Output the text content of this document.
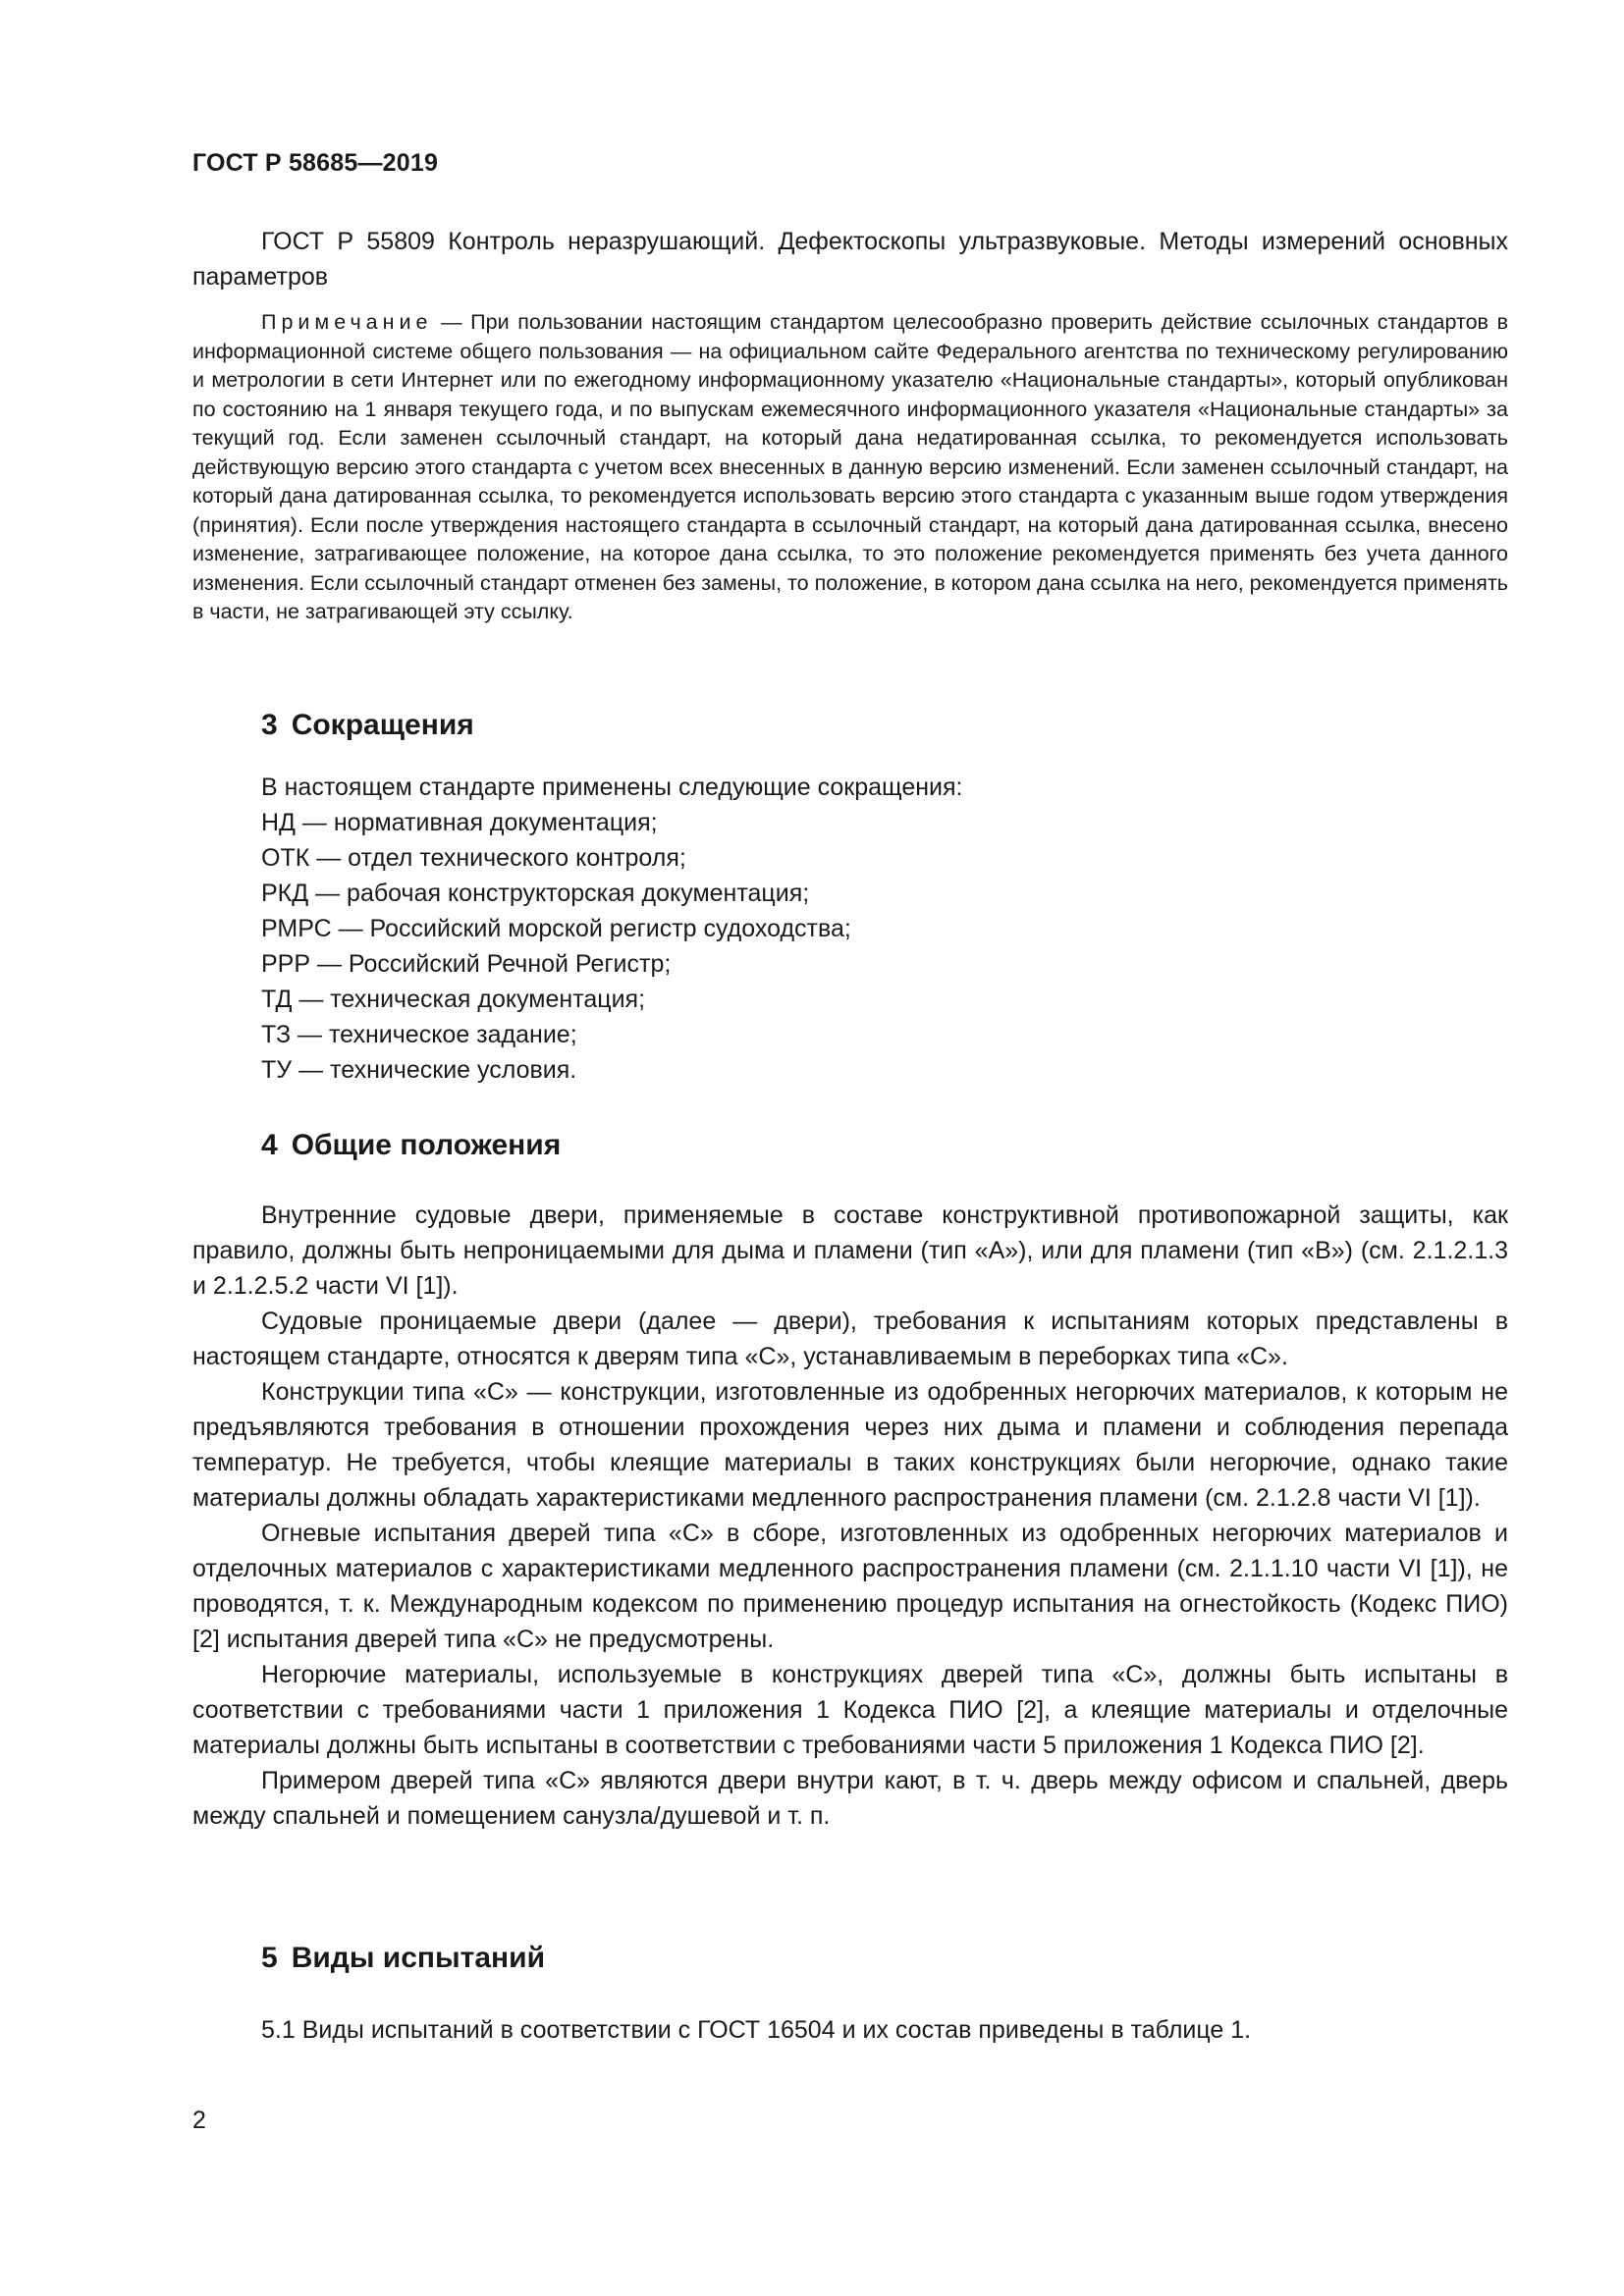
ГОСТ Р 58685—2019

ГОСТ Р 55809 Контроль неразрушающий. Дефектоскопы ультразвуковые. Методы измерений основных параметров

Примечание — При пользовании настоящим стандартом целесообразно проверить действие ссылочных стандартов в информационной системе общего пользования — на официальном сайте Федерального агентства по техническому регулированию и метрологии в сети Интернет или по ежегодному информационному указателю «Национальные стандарты», который опубликован по состоянию на 1 января текущего года, и по выпускам ежемесячного информационного указателя «Национальные стандарты» за текущий год. Если заменен ссылочный стандарт, на который дана недатированная ссылка, то рекомендуется использовать действующую версию этого стандарта с учетом всех внесенных в данную версию изменений. Если заменен ссылочный стандарт, на который дана датированная ссылка, то рекомендуется использовать версию этого стандарта с указанным выше годом утверждения (принятия). Если после утверждения настоящего стандарта в ссылочный стандарт, на который дана датированная ссылка, внесено изменение, затрагивающее положение, на которое дана ссылка, то это положение рекомендуется применять без учета данного изменения. Если ссылочный стандарт отменен без замены, то положение, в котором дана ссылка на него, рекомендуется применять в части, не затрагивающей эту ссылку.

3 Сокращения
В настоящем стандарте применены следующие сокращения:
НД — нормативная документация;
ОТК — отдел технического контроля;
РКД — рабочая конструкторская документация;
РМРС — Российский морской регистр судоходства;
РРР — Российский Речной Регистр;
ТД — техническая документация;
ТЗ — техническое задание;
ТУ — технические условия.
4 Общие положения

Внутренние судовые двери, применяемые в составе конструктивной противопожарной защиты, как правило, должны быть непроницаемыми для дыма и пламени (тип «А»), или для пламени (тип «В») (см. 2.1.2.1.3 и 2.1.2.5.2 части VI [1]).

Судовые проницаемые двери (далее — двери), требования к испытаниям которых представлены в настоящем стандарте, относятся к дверям типа «С», устанавливаемым в переборках типа «С».

Конструкции типа «С» — конструкции, изготовленные из одобренных негорючих материалов, к которым не предъявляются требования в отношении прохождения через них дыма и пламени и соблюдения перепада температур. Не требуется, чтобы клеящие материалы в таких конструкциях были негорючие, однако такие материалы должны обладать характеристиками медленного распространения пламени (см. 2.1.2.8 части VI [1]).

Огневые испытания дверей типа «С» в сборе, изготовленных из одобренных негорючих материалов и отделочных материалов с характеристиками медленного распространения пламени (см. 2.1.1.10 части VI [1]), не проводятся, т. к. Международным кодексом по применению процедур испытания на огнестойкость (Кодекс ПИО) [2] испытания дверей типа «С» не предусмотрены.

Негорючие материалы, используемые в конструкциях дверей типа «С», должны быть испытаны в соответствии с требованиями части 1 приложения 1 Кодекса ПИО [2], а клеящие материалы и отделочные материалы должны быть испытаны в соответствии с требованиями части 5 приложения 1 Кодекса ПИО [2].

Примером дверей типа «С» являются двери внутри кают, в т. ч. дверь между офисом и спальней, дверь между спальней и помещением санузла/душевой и т. п.

5 Виды испытаний

5.1 Виды испытаний в соответствии с ГОСТ 16504 и их состав приведены в таблице 1.

2
